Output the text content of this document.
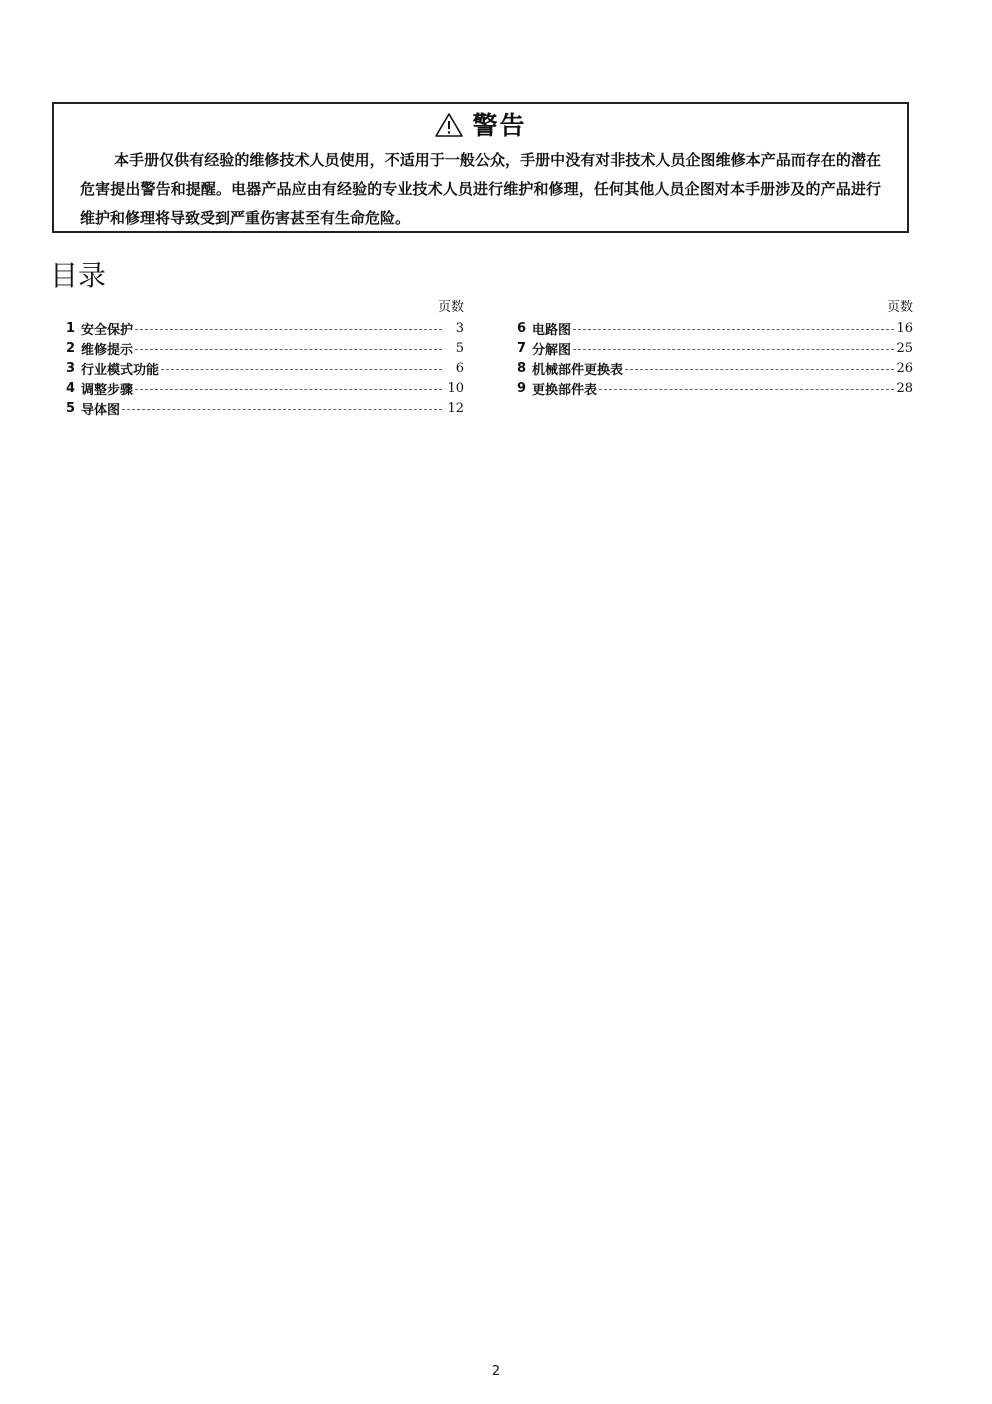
警告
本手册仅供有经验的维修技术人员使用，不适用于一般公众，手册中没有对非技术人员企图维修本产品而存在的潜在危害提出警告和提醒。电器产品应由有经验的专业技术人员进行维护和修理，任何其他人员企图对本手册涉及的产品进行维护和修理将导致受到严重伤害甚至有生命危险。
目录
页数
1 安全保护	3
2 维修提示	5
3 行业模式功能	6
4 调整步骤	10
5 导体图	12
页数
6 电路图	16
7 分解图	25
8 机械部件更换表	26
9 更换部件表	28
2
